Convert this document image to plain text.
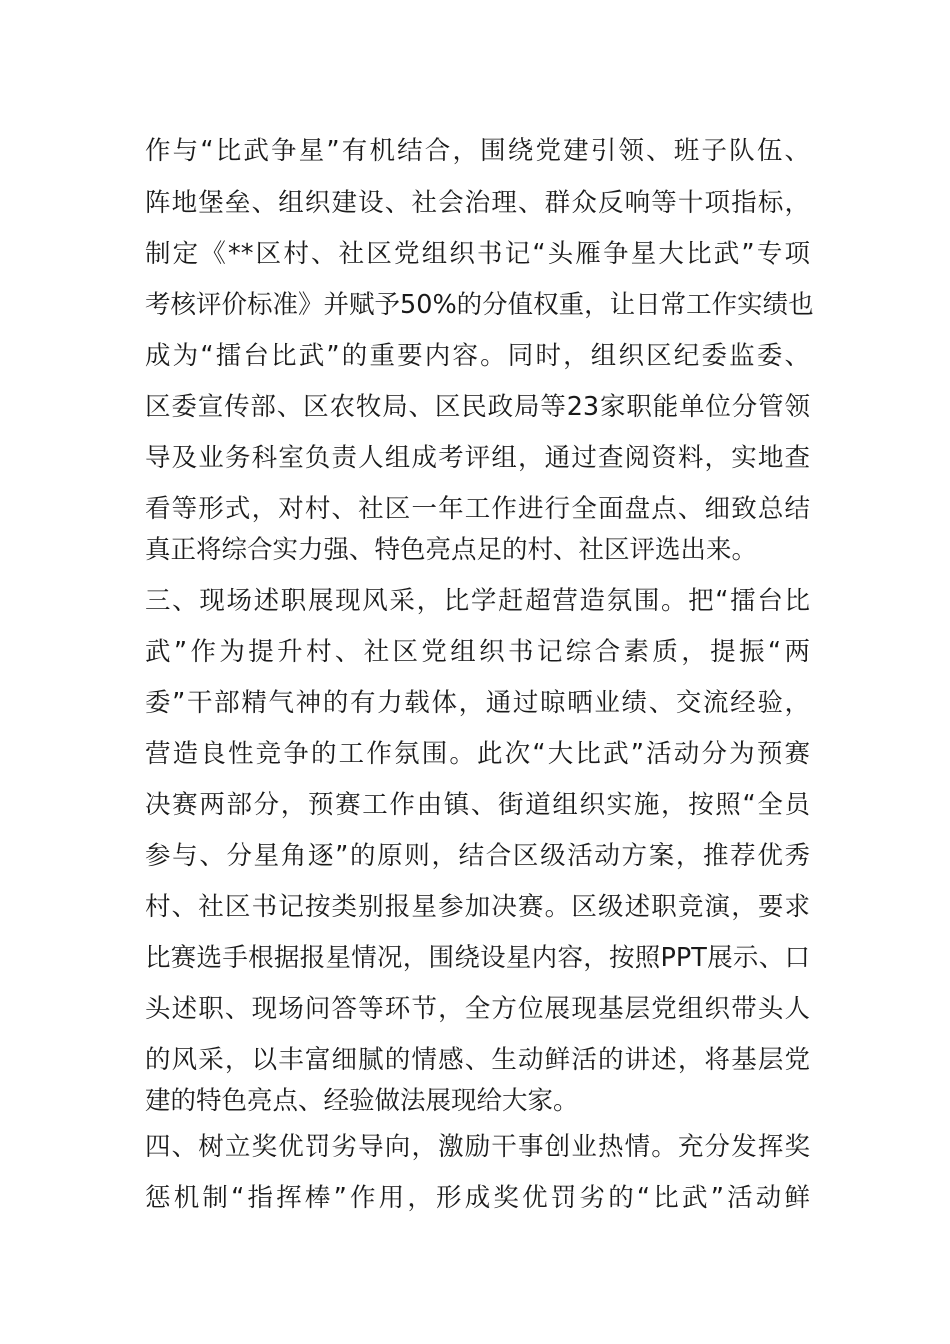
作与“比武争星”有机结合，围绕党建引领、班子队伍、
阵地堡垒、组织建设、社会治理、群众反响等十项指标，
制定《**区村、社区党组织书记“头雁争星大比武”专项
考核评价标准》并赋予50%的分值权重，让日常工作实绩也
成为“擂台比武”的重要内容。同时，组织区纪委监委、
区委宣传部、区农牧局、区民政局等23家职能单位分管领
导及业务科室负责人组成考评组，通过查阅资料，实地查
看等形式，对村、社区一年工作进行全面盘点、细致总结
真正将综合实力强、特色亮点足的村、社区评选出来。
三、现场述职展现风采，比学赶超营造氛围。把“擂台比
武”作为提升村、社区党组织书记综合素质，提振“两
委”干部精气神的有力载体，通过晾晒业绩、交流经验，
营造良性竞争的工作氛围。此次“大比武”活动分为预赛
决赛两部分，预赛工作由镇、街道组织实施，按照“全员
参与、分星角逐”的原则，结合区级活动方案，推荐优秀
村、社区书记按类别报星参加决赛。区级述职竞演，要求
比赛选手根据报星情况，围绕设星内容，按照PPT展示、口
头述职、现场问答等环节，全方位展现基层党组织带头人
的风采，以丰富细腻的情感、生动鲜活的讲述，将基层党
建的特色亮点、经验做法展现给大家。
四、树立奖优罚劣导向，激励干事创业热情。充分发挥奖
惩机制“指挥棒”作用，形成奖优罚劣的“比武”活动鲜
